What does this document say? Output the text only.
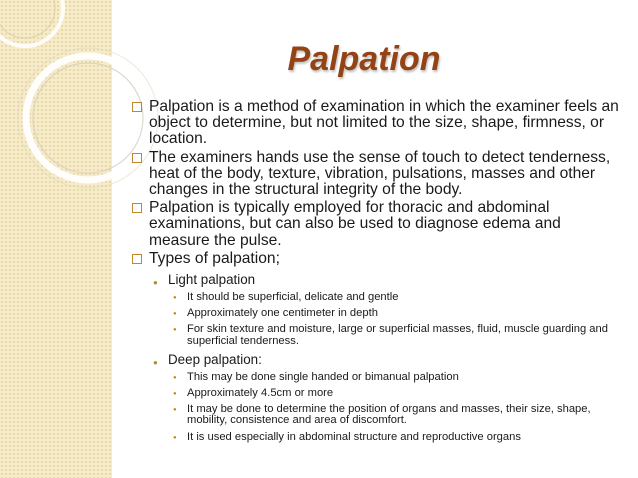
Palpation
Palpation is a method of examination in which the examiner feels an object to determine, but not limited to the size, shape, firmness, or location.
The examiners hands use the sense of touch to detect tenderness, heat of the body, texture, vibration, pulsations, masses and other changes in the structural integrity of the body.
Palpation is typically employed for thoracic and abdominal examinations, but can also be used to diagnose edema and measure the pulse.
Types of palpation;
● Light palpation
● It should be superficial, delicate and gentle
● Approximately one centimeter in depth
● For skin texture and moisture, large or superficial masses, fluid, muscle guarding and superficial tenderness.
● Deep palpation:
● This may be done single handed or bimanual palpation
● Approximately 4.5cm or more
● It may be done to determine the position of organs and masses, their size, shape, mobility, consistence and area of discomfort.
● It is used especially in abdominal structure and reproductive organs
